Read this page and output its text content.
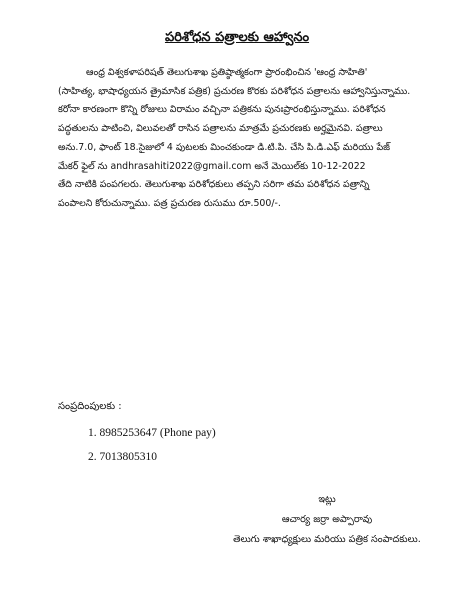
పరిశోధన పత్రాలకు ఆహ్వానం
ఆంధ్ర విశ్వకళాపరిషత్ తెలుగుశాఖ ప్రతిష్ఠాత్మకంగా ప్రారంభించిన 'ఆంధ్ర సాహితి'
(సాహిత్య, భాషాధ్యయన త్రైమాసిక పత్రిక) ప్రచురణ కొరకు పరిశోధన పత్రాలను ఆహ్వానిస్తున్నాము.
కరోనా కారణంగా కొన్ని రోజులు విరామం వచ్చినా పత్రికను పునఃప్రారంభిస్తున్నాము. పరిశోధన
పద్ధతులను పాటించి, విలువలతో రాసిన పత్రాలను మాత్రమే ప్రచురణకు అర్హమైనవి. పత్రాలు
అను.7.0, ఫాంట్ 18.సైజులో 4 పుటలకు మించకుండా డి.టి.పి. చేసి పి.డి.ఎఫ్ మరియు పేజ్
మేకర్ ఫైల్ ను andhrasahiti2022@gmail.com అనే మెయిల్‌కు 10-12-2022
తేది నాటికి పంపగలరు. తెలుగుశాఖ పరిశోధకులు తప్పని సరిగా తమ పరిశోధన పత్రాన్ని
పంపాలని కోరుచున్నాము. పత్ర ప్రచురణ రుసుము రూ.500/-.
సంప్రదింపులకు :
1. 8985253647 (Phone pay)
2. 7013805310
ఇట్లు
ఆచార్య జర్రా అప్పారావు
తెలుగు శాఖాధ్యక్షులు మరియు పత్రిక సంపాదకులు.
